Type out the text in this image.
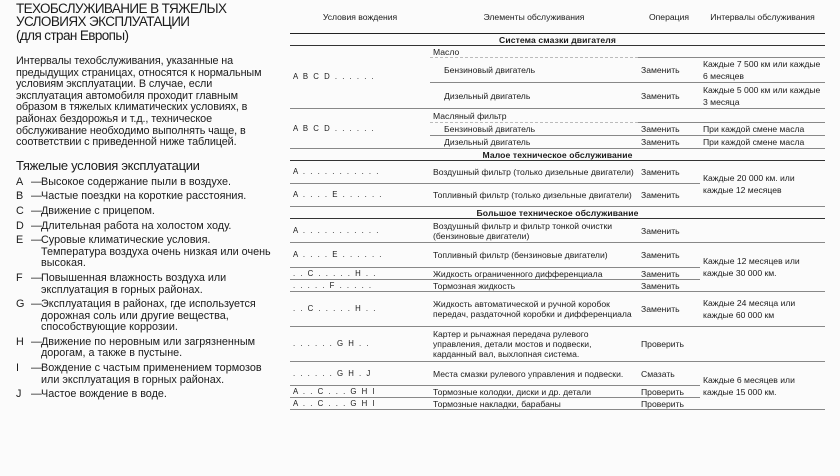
ТЕХОБСЛУЖИВАНИЕ В ТЯЖЕЛЫХ
УСЛОВИЯХ ЭКСПЛУАТАЦИИ
(для стран Европы)
Интервалы техобслуживания, указанные на предыдущих страницах, относятся к нормальным условиям эксплуатации. В случае, если эксплуатация автомобиля проходит главным образом в тяжелых климатических условиях, в районах бездорожья и т.д., техническое обслуживание необходимо выполнять чаще, в соответствии с приведенной ниже таблицей.
Тяжелые условия эксплуатации
A — Высокое содержание пыли в воздухе.
B — Частые поездки на короткие расстояния.
C — Движение с прицепом.
D — Длительная работа на холостом ходу.
E — Суровые климатические условия. Температура воздуха очень низкая или очень высокая.
F — Повышенная влажность воздуха или эксплуатация в горных районах.
G — Эксплуатация в районах, где используется дорожная соль или другие вещества, способствующие коррозии.
H — Движение по неровным или загрязненным дорогам, а также в пустыне.
I	— Вождение с частым применением тормозов или эксплуатация в горных районах.
J — Частое вождение в воде.
Условия вождения	Элементы обслуживания	Операция	Интервалы обслуживания
Система смазки двигателя			
A B C D . . . . . .	Масло		
	Бензиновый двигатель	Заменить	Каждые 7 500 км или каждые 6 месяцев
	Дизельный двигатель	Заменить	Каждые 5 000 км или каждые 3 месяца
A B C D . . . . . .	Масляный фильтр		
	Бензиновый двигатель	Заменить	При каждой смене масла
	Дизельный двигатель	Заменить	При каждой смене масла
Малое техническое обслуживание			
A . . . . . . . . . . .	Воздушный фильтр (только дизельные двигатели)	Заменить	Каждые 20 000 км. или каждые 12 месяцев
A . . . . E . . . . . .	Топливный фильтр (только дизельные двигатели)	Заменить	
Большое техническое обслуживание			
A . . . . . . . . . . .	Воздушный фильтр и фильтр тонкой очистки (бензиновые двигатели)	Заменить	
A . . . . E . . . . . .	Топливный фильтр (бензиновые двигатели)	Заменить	Каждые 12 месяцев или каждые 30 000 км.
. . C . . . . . H . .	Жидкость ограниченного дифференциала	Заменить	
. . . . . F . . . . .	Тормозная жидкость	Заменить	
. . C . . . . . H . .	Жидкость автоматической и ручной коробок передач, раздаточной коробки и дифференциала	Заменить	Каждые 24 месяца или каждые 60 000 км
. . . . . . G H . .	Картер и рычажная передача рулевого управления, детали мостов и подвески, карданный вал, выхлопная система.	Проверить	
. . . . . . G H . J	Места смазки рулевого управления и подвески.	Смазать	Каждые 6 месяцев или каждые 15 000 км.
A . . C . . . G H I	Тормозные колодки, диски и др. детали	Проверить	
A . . C . . . G H I	Тормозные накладки, барабаны	Проверить	
